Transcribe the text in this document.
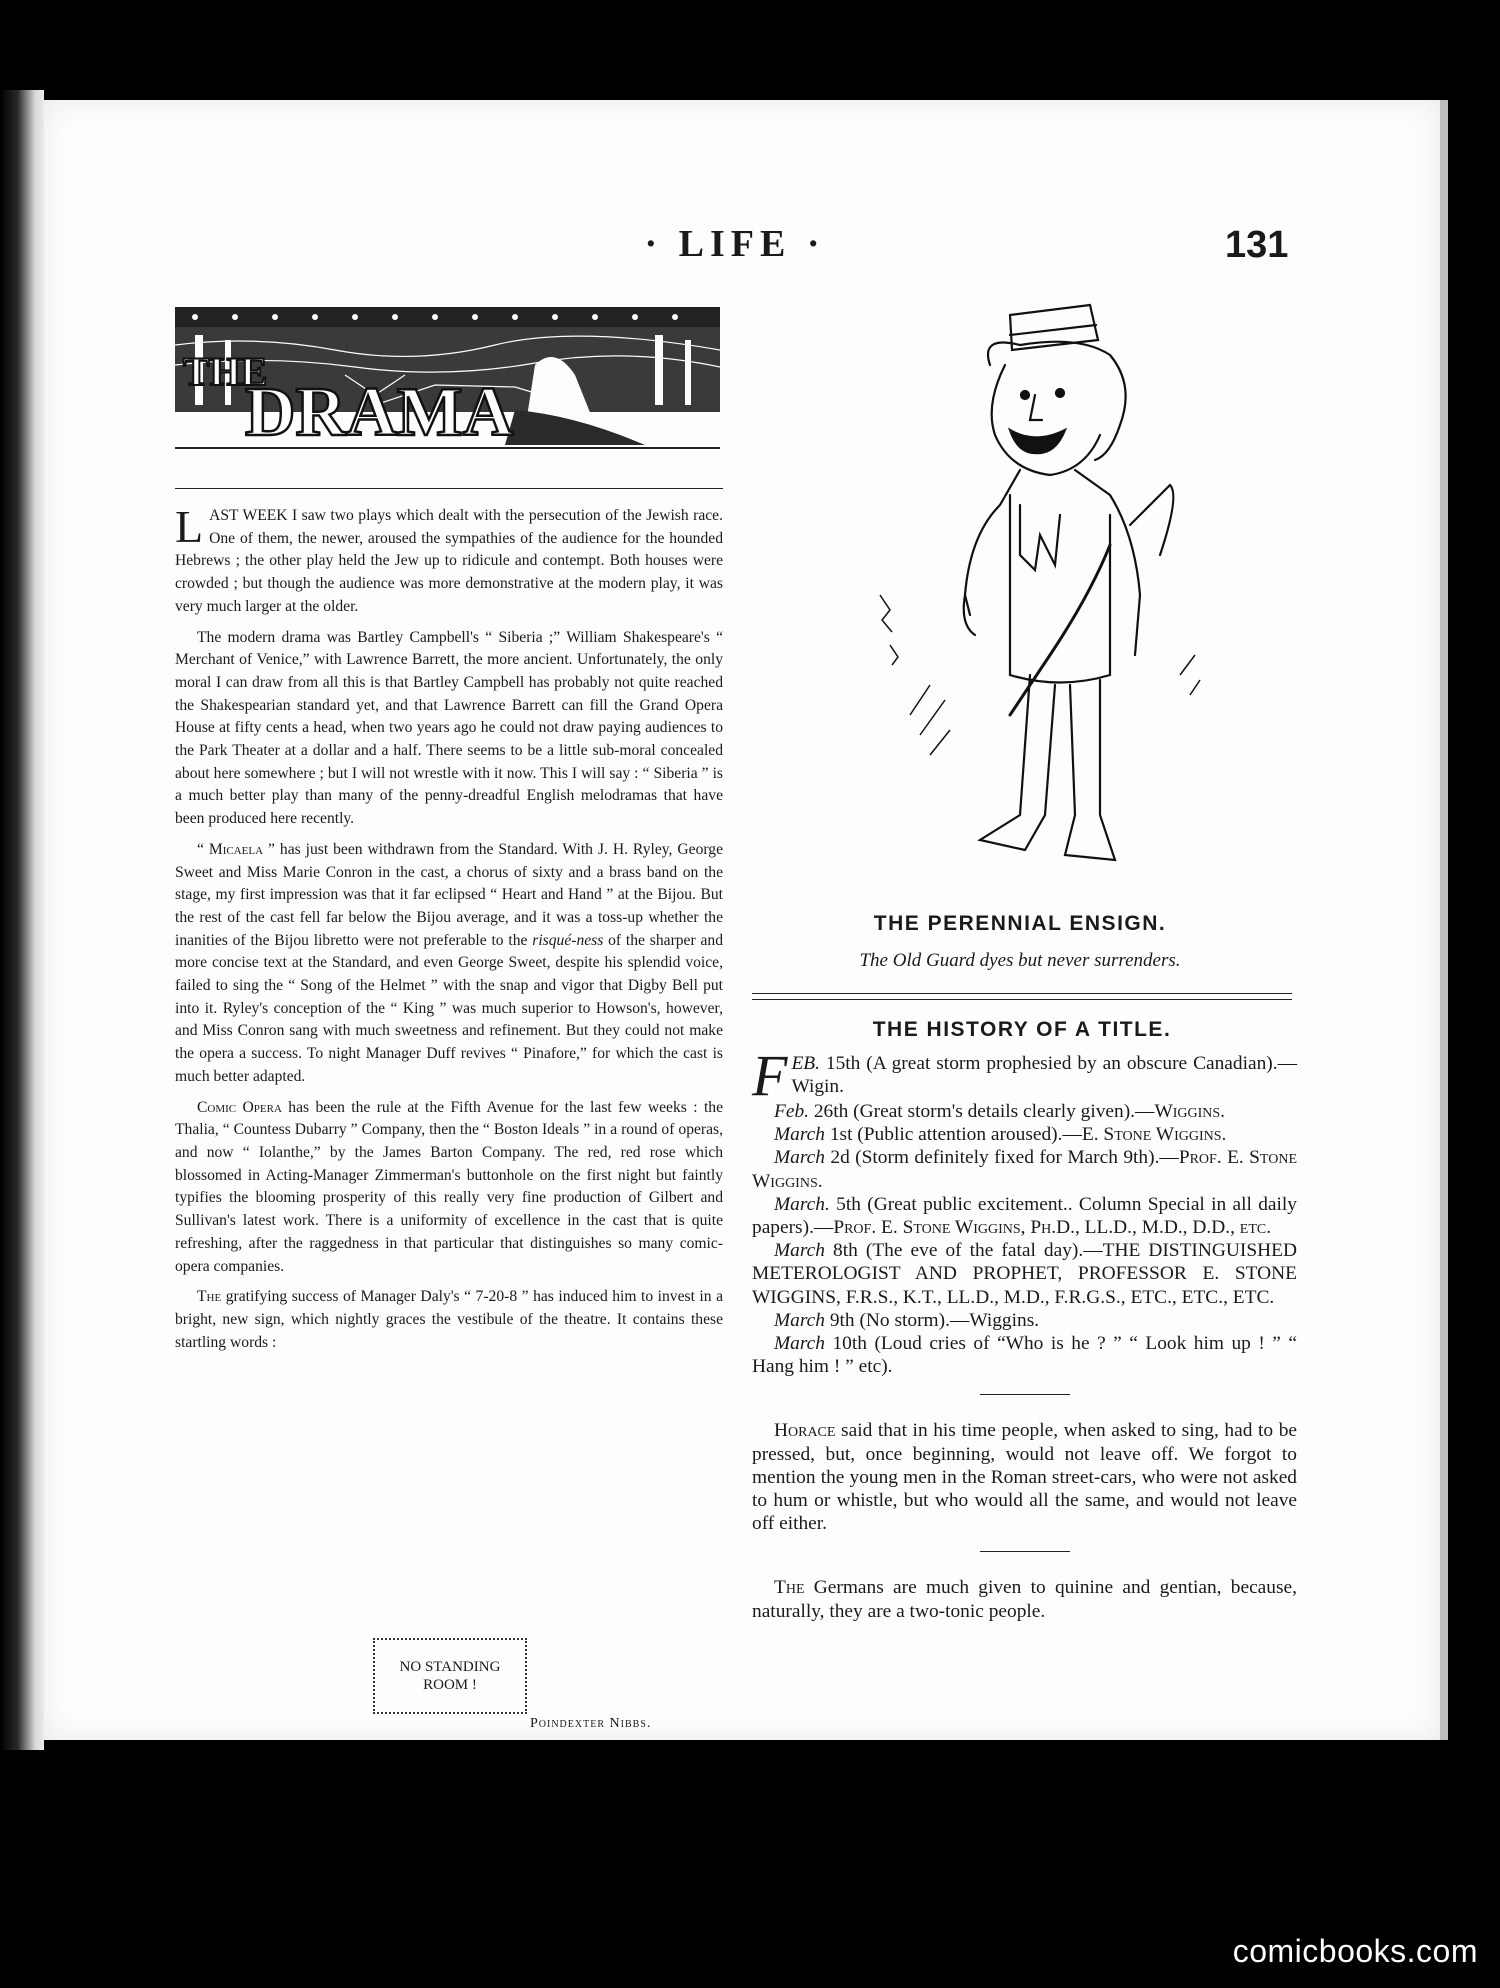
· LIFE ·	131
DRAMA
THE

LAST WEEK I saw two plays which dealt with the persecution of the Jewish race. One of them, the newer, aroused the sympathies of the audience for the hounded Hebrews ; the other play held the Jew up to ridicule and contempt. Both houses were crowded ; but though the audience was more demonstrative at the modern play, it was very much larger at the older.

The modern drama was Bartley Campbell's “ Siberia ;” William Shakespeare's “ Merchant of Venice,” with Lawrence Barrett, the more ancient. Unfortunately, the only moral I can draw from all this is that Bartley Campbell has probably not quite reached the Shakespearian standard yet, and that Lawrence Barrett can fill the Grand Opera House at fifty cents a head, when two years ago he could not draw paying audiences to the Park Theater at a dollar and a half. There seems to be a little sub-moral concealed about here somewhere ; but I will not wrestle with it now. This I will say : “ Siberia ” is a much better play than many of the penny-dreadful English melodramas that have been produced here recently.

“ Micaela ” has just been withdrawn from the Standard. With J. H. Ryley, George Sweet and Miss Marie Conron in the cast, a chorus of sixty and a brass band on the stage, my first impression was that it far eclipsed “ Heart and Hand ” at the Bijou. But the rest of the cast fell far below the Bijou average, and it was a toss-up whether the inanities of the Bijou libretto were not preferable to the risqué-ness of the sharper and more concise text at the Standard, and even George Sweet, despite his splendid voice, failed to sing the “ Song of the Helmet ” with the snap and vigor that Digby Bell put into it. Ryley's conception of the “ King ” was much superior to Howson's, however, and Miss Conron sang with much sweetness and refinement. But they could not make the opera a success. To night Manager Duff revives “ Pinafore,” for which the cast is much better adapted.

Comic Opera has been the rule at the Fifth Avenue for the last few weeks : the Thalia, “ Countess Dubarry ” Company, then the “ Boston Ideals ” in a round of operas, and now “ Iolanthe,” by the James Barton Company. The red, red rose which blossomed in Acting-Manager Zimmerman's buttonhole on the first night but faintly typifies the blooming prosperity of this really very fine production of Gilbert and Sullivan's latest work. There is a uniformity of excellence in the cast that is quite refreshing, after the raggedness in that particular that distinguishes so many comic-opera companies.

The gratifying success of Manager Daly's “ 7-20-8 ” has induced him to invest in a bright, new sign, which nightly graces the vestibule of the theatre. It contains these startling words :

NO STANDING
ROOM !
Poindexter Nibbs.
THE PERENNIAL ENSIGN.
The Old Guard dyes but never surrenders.
THE HISTORY OF A TITLE.

FEB. 15th (A great storm prophesied by an obscure Canadian).—Wigin.

Feb. 26th (Great storm's details clearly given).—Wiggins.

March 1st (Public attention aroused).—E. Stone Wiggins.

March 2d (Storm definitely fixed for March 9th).—Prof. E. Stone Wiggins.

March. 5th (Great public excitement.. Column Special in all daily papers).—Prof. E. Stone Wiggins, Ph.D., LL.D., M.D., D.D., etc.

March 8th (The eve of the fatal day).—THE DISTINGUISHED METEROLOGIST AND PROPHET, PROFESSOR E. STONE WIGGINS, F.R.S., K.T., LL.D., M.D., F.R.G.S., ETC., ETC., ETC.

March 9th (No storm).—Wiggins.

March 10th (Loud cries of “Who is he ? ” “ Look him up ! ” “ Hang him ! ” etc).

Horace said that in his time people, when asked to sing, had to be pressed, but, once beginning, would not leave off. We forgot to mention the young men in the Roman street-cars, who were not asked to hum or whistle, but who would all the same, and would not leave off either.

The Germans are much given to quinine and gentian, because, naturally, they are a two-tonic people.

comicbooks.com
